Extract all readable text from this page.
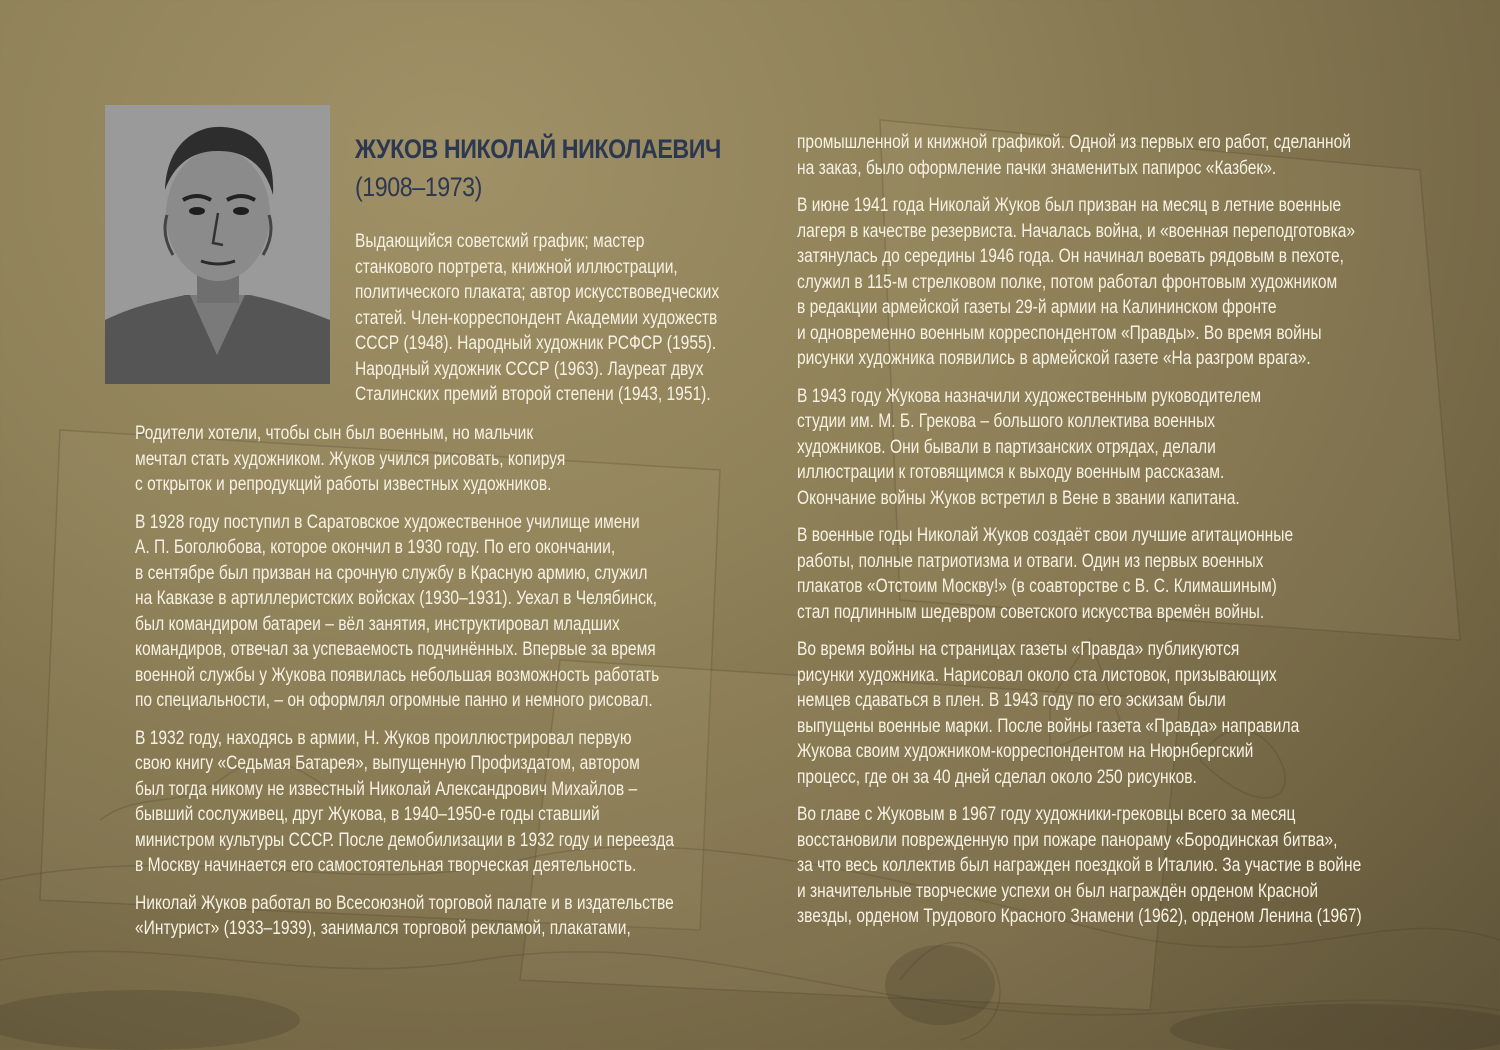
ЖУКОВ НИКОЛАЙ НИКОЛАЕВИЧ
(1908–1973)

Выдающийся советский график; мастер
станкового портрета, книжной иллюстрации,
политического плаката; автор искусствоведческих
статей. Член-корреспондент Академии художеств
СССР (1948). Народный художник РСФСР (1955).
Народный художник СССР (1963). Лауреат двух
Сталинских премий второй степени (1943, 1951).

Родители хотели, чтобы сын был военным, но мальчик
мечтал стать художником. Жуков учился рисовать, копируя
с открыток и репродукций работы известных художников.

В 1928 году поступил в Саратовское художественное училище имени
А. П. Боголюбова, которое окончил в 1930 году. По его окончании,
в сентябре был призван на срочную службу в Красную армию, служил
на Кавказе в артиллеристских войсках (1930–1931). Уехал в Челябинск,
был командиром батареи – вёл занятия, инструктировал младших
командиров, отвечал за успеваемость подчинённых. Впервые за время
военной службы у Жукова появилась небольшая возможность работать
по специальности, – он оформлял огромные панно и немного рисовал.

В 1932 году, находясь в армии, Н. Жуков проиллюстрировал первую
свою книгу «Седьмая Батарея», выпущенную Профиздатом, автором
был тогда никому не известный Николай Александрович Михайлов –
бывший сослуживец, друг Жукова, в 1940–1950-е годы ставший
министром культуры СССР. После демобилизации в 1932 году и переезда
в Москву начинается его самостоятельная творческая деятельность.

Николай Жуков работал во Всесоюзной торговой палате и в издательстве
«Интурист» (1933–1939), занимался торговой рекламой, плакатами,

промышленной и книжной графикой. Одной из первых его работ, сделанной
на заказ, было оформление пачки знаменитых папирос «Казбек».

В июне 1941 года Николай Жуков был призван на месяц в летние военные
лагеря в качестве резервиста. Началась война, и «военная переподготовка»
затянулась до середины 1946 года. Он начинал воевать рядовым в пехоте,
служил в 115-м стрелковом полке, потом работал фронтовым художником
в редакции армейской газеты 29-й армии на Калининском фронте
и одновременно военным корреспондентом «Правды». Во время войны
рисунки художника появились в армейской газете «На разгром врага».

В 1943 году Жукова назначили художественным руководителем
студии им. М. Б. Грекова – большого коллектива военных
художников. Они бывали в партизанских отрядах, делали
иллюстрации к готовящимся к выходу военным рассказам.
Окончание войны Жуков встретил в Вене в звании капитана.

В военные годы Николай Жуков создаёт свои лучшие агитационные
работы, полные патриотизма и отваги. Один из первых военных
плакатов «Отстоим Москву!» (в соавторстве с В. С. Климашиным)
стал подлинным шедевром советского искусства времён войны.

Во время войны на страницах газеты «Правда» публикуются
рисунки художника. Нарисовал около ста листовок, призывающих
немцев сдаваться в плен. В 1943 году по его эскизам были
выпущены военные марки. После войны газета «Правда» направила
Жукова своим художником-корреспондентом на Нюрнбергский
процесс, где он за 40 дней сделал около 250 рисунков.

Во главе с Жуковым в 1967 году художники-грековцы всего за месяц
восстановили поврежденную при пожаре панораму «Бородинская битва»,
за что весь коллектив был награжден поездкой в Италию. За участие в войне
и значительные творческие успехи он был награждён орденом Красной
звезды, орденом Трудового Красного Знамени (1962), орденом Ленина (1967)
